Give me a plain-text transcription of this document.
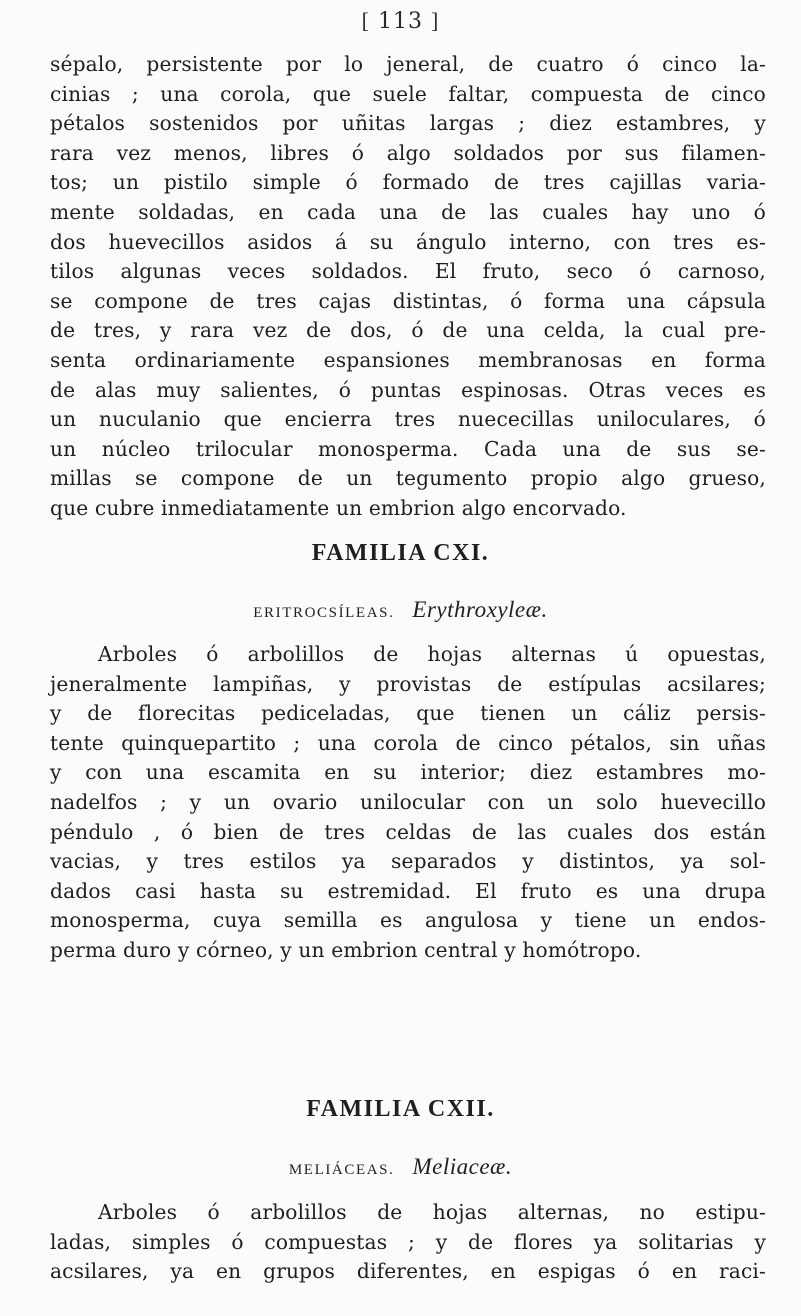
[ 113 ]
sépalo, persistente por lo jeneral, de cuatro ó cinco la-
cinias ; una corola, que suele faltar, compuesta de cinco
pétalos sostenidos por uñitas largas ; diez estambres, y
rara vez menos, libres ó algo soldados por sus filamen-
tos; un pistilo simple ó formado de tres cajillas varia-
mente soldadas, en cada una de las cuales hay uno ó
dos huevecillos asidos á su ángulo interno, con tres es-
tilos algunas veces soldados. El fruto, seco ó carnoso,
se compone de tres cajas distintas, ó forma una cápsula
de tres, y rara vez de dos, ó de una celda, la cual pre-
senta ordinariamente espansiones membranosas en forma
de alas muy salientes, ó puntas espinosas. Otras veces es
un nuculanio que encierra tres nuececillas uniloculares, ó
un núcleo trilocular monosperma. Cada una de sus se-
millas se compone de un tegumento propio algo grueso,
que cubre inmediatamente un embrion algo encorvado.
FAMILIA CXI.
ERITROCSÍLEAS. Erythroxyleæ.
Arboles ó arbolillos de hojas alternas ú opuestas,
jeneralmente lampiñas, y provistas de estípulas acsilares;
y de florecitas pediceladas, que tienen un cáliz persis-
tente quinquepartito ; una corola de cinco pétalos, sin uñas
y con una escamita en su interior; diez estambres mo-
nadelfos ; y un ovario unilocular con un solo huevecillo
péndulo , ó bien de tres celdas de las cuales dos están
vacias, y tres estilos ya separados y distintos, ya sol-
dados casi hasta su estremidad. El fruto es una drupa
monosperma, cuya semilla es angulosa y tiene un endos-
perma duro y córneo, y un embrion central y homótropo.
FAMILIA CXII.
MELIÁCEAS. Meliaceæ.
Arboles ó arbolillos de hojas alternas, no estipu-
ladas, simples ó compuestas ; y de flores ya solitarias y
acsilares, ya en grupos diferentes, en espigas ó en raci-
